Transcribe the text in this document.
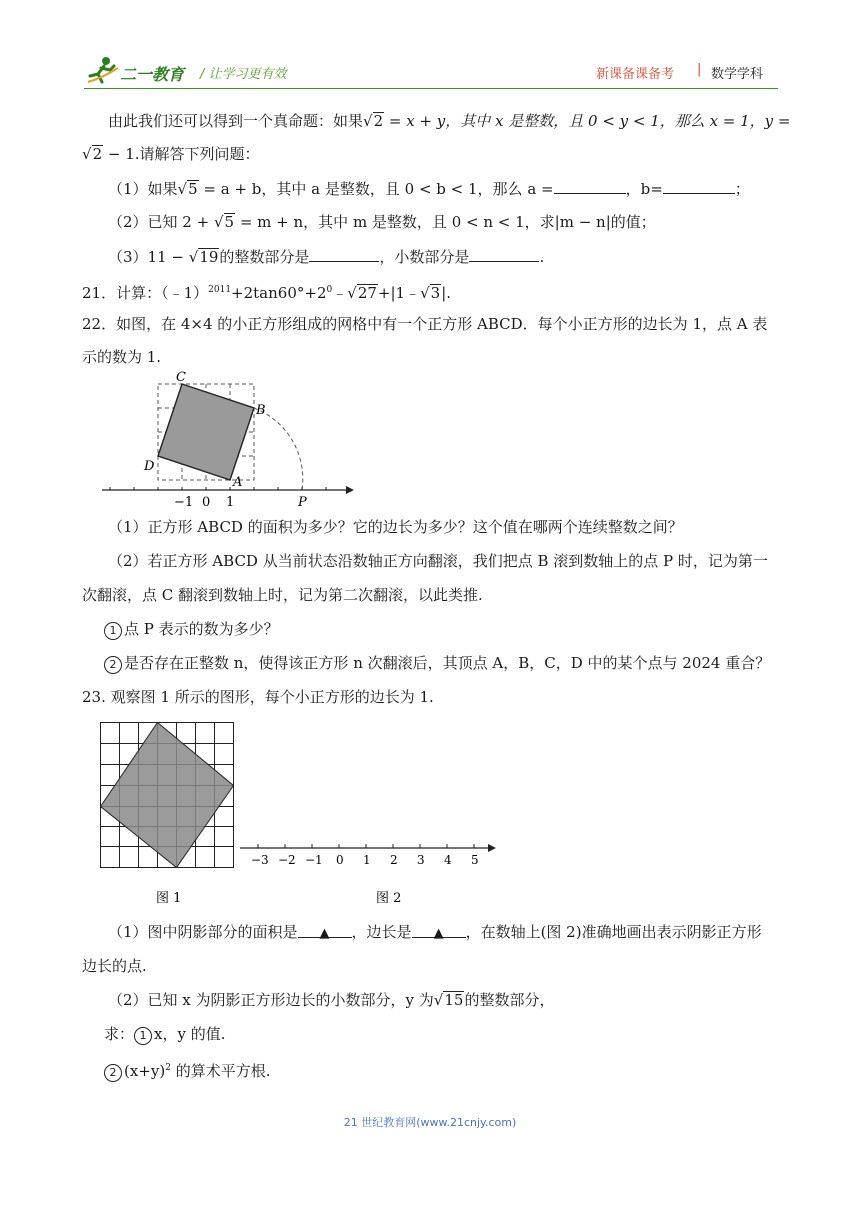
二一教育 / 让学习更有效	新课备课备考 | 数学学科
由此我们还可以得到一个真命题：如果√2 = x + y，其中 x 是整数，且 0 < y < 1，那么 x = 1，y =
√2 − 1.请解答下列问题：
（1）如果√5 = a + b，其中 a 是整数，且 0 < b < 1，那么 a =	，b=	；
（2）已知 2 + √5 = m + n，其中 m 是整数，且 0 < n < 1，求|m − n|的值；
（3）11 − √19的整数部分是	，小数部分是	.
21．计算：$(﹣1)^{2011}+2\tan 60^\circ+2^0﹣√27+|1﹣√3|$.
22．如图，在 4×4 的小正方形组成的网格中有一个正方形 ABCD．每个小正方形的边长为 1，点 A 表
示的数为 1.
C
B
D
A
P
−1 0 1
（1）正方形 ABCD 的面积为多少？它的边长为多少？这个值在哪两个连续整数之间？
（2）若正方形 ABCD 从当前状态沿数轴正方向翻滚，我们把点 B 滚到数轴上的点 P 时，记为第一
次翻滚，点 C 翻滚到数轴上时，记为第二次翻滚，以此类推.
1 点 P 表示的数为多少？
2 是否存在正整数 n，使得该正方形 n 次翻滚后，其顶点 A，B，C，D 中的某个点与 2024 重合？
23. 观察图 1 所示的图形，每个小正方形的边长为 1.
图 1
−3 −2 −1 0 1 2 3 4 5
图 2
（1）图中阴影部分的面积是 ▲ ，边长是 ▲ ，在数轴上(图 2)准确地画出表示阴影正方形
边长的点.
（2）已知 x 为阴影正方形边长的小数部分，y 为√15的整数部分，
求： 1 x，y 的值.
2 $(x+y)^2$ 的算术平方根.
21 世纪教育网(www.21cnjy.com)
